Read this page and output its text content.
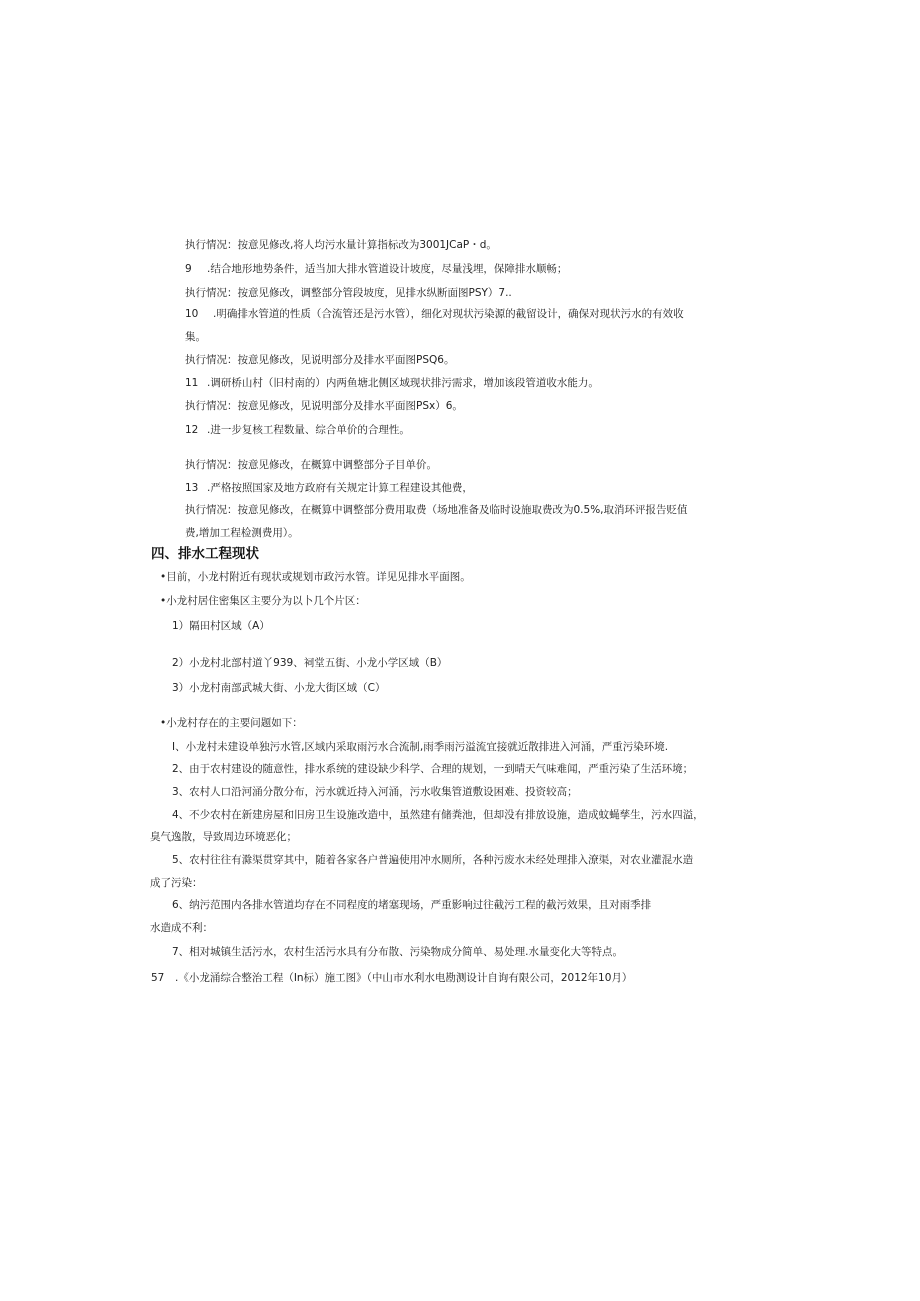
执行情况：按意见修改,将人均污水量计算指标改为3001JCaP・d。
9 .结合地形地势条件，适当加大排水管道设计坡度，尽量浅埋，保障排水顺畅；
执行情况：按意见修改，调整部分管段坡度，见排水纵断面图PSY）7..
10 .明确排水管道的性质（合流管还是污水管），细化对现状污染源的截留设计，确保对现状污水的有效收
集。
执行情况：按意见修改，见说明部分及排水平面图PSQ6。
11 .调研桥山村（旧村南的）内两鱼塘北侧区域现状排污需求，增加该段管道收水能力。
执行情况：按意见修改，见说明部分及排水平面图PSx）6。
12 .进一步复核工程数量、综合单价的合理性。
执行情况：按意见修改，在概算中调整部分子目单价。
13 .严格按照国家及地方政府有关规定计算工程建设其他费，
执行情况：按意见修改，在概算中调整部分费用取费（场地准备及临时设施取费改为0.5%,取消环评报告贬值
费,增加工程检测费用）。
四、排水工程现状
•目前，小龙村附近有现状或规划市政污水管。详见见排水平面图。
•小龙村居住密集区主要分为以卜几个片区：
1）隔田村区域（A）
2）小龙村北部村道丫939、祠堂五街、小龙小学区域（B）
3）小龙村南部武城大街、小龙大街区域（C）
•小龙村存在的主要问题如下：
I、小龙村未建设单独污水管,区域内采取雨污水合流制,雨季雨污溢流宜接就近散排进入河涌，严重污染环境.
2、由于农村建设的随意性，排水系统的建设缺少科学、合理的规划，一到晴天气味难闻，严重污染了生活环境；
3、农村人口沿河涌分散分布，污水就近持入河涌，污水收集管道敷设困难、投资较高；
4、不少农村在新建房屋和旧房卫生设施改造中，虽然建有储粪池，但却没有排放设施，造成蚊蝇孳生，污水四溢，
臭气逸散，导致周边环境恶化；
5、农村往往有滁渠贯穿其中，随着各家各户普遍使用冲水厕所，各种污废水未经处理排入潦渠，对农业灌混水造
成了污染：
6、纳污范围内各排水管道均存在不同程度的堵塞现场，严重影响过往截污工程的截污效果，且对雨季排
水造成不利：
7、相对城镇生活污水，农村生活污水具有分布散、污染物成分简单、易处理.水量变化大等特点。
57 .《小龙涌综合整治工程（In标）施工图》（中山市水利水电勘测设计自询有限公司，2012年10月）
